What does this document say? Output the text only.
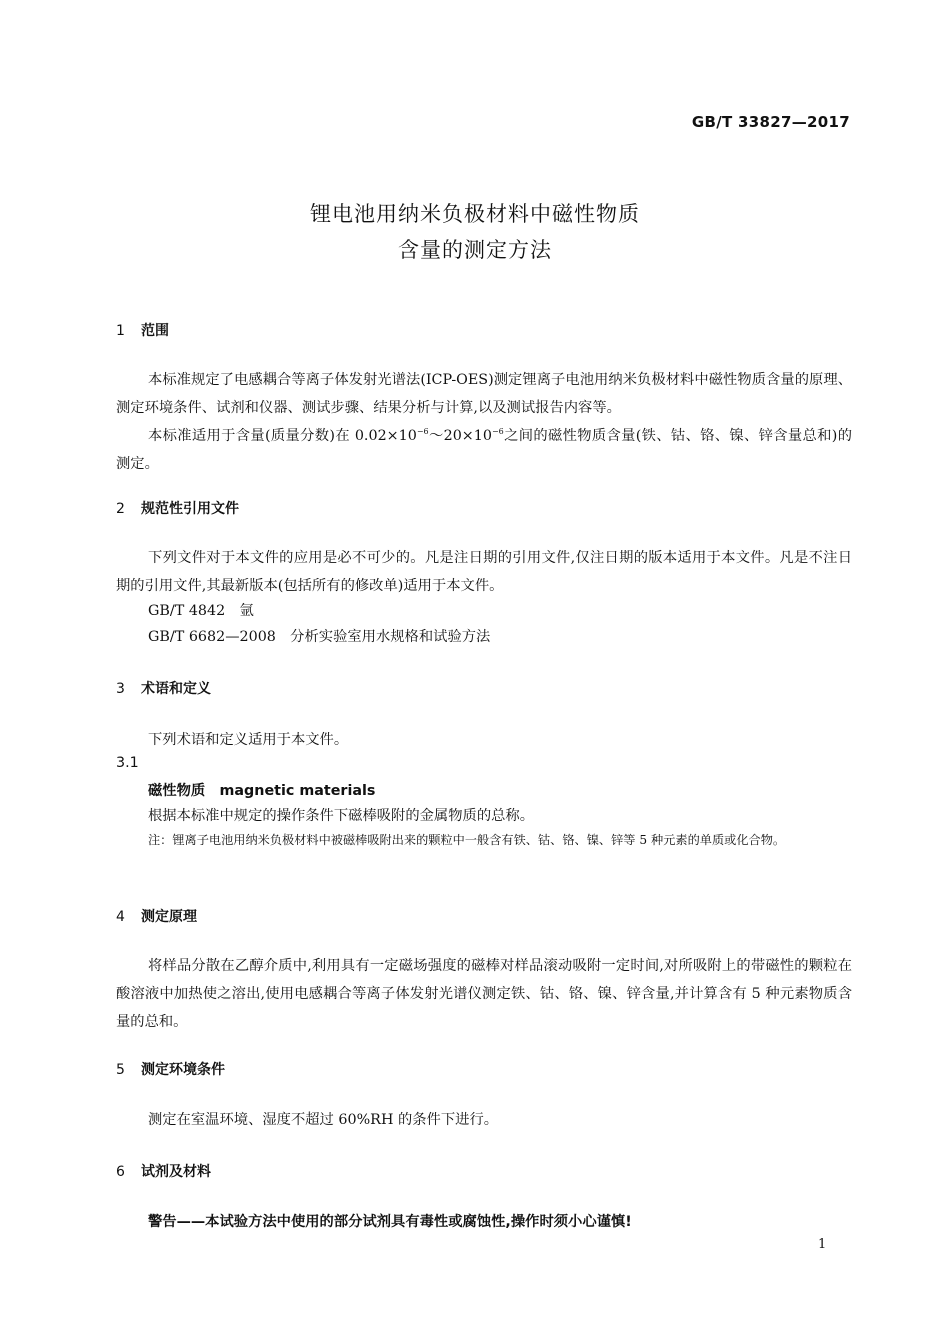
GB/T 33827—2017
锂电池用纳米负极材料中磁性物质
含量的测定方法
1 范围
本标准规定了电感耦合等离子体发射光谱法(ICP-OES)测定锂离子电池用纳米负极材料中磁性物质含量的原理、测定环境条件、试剂和仪器、测试步骤、结果分析与计算,以及测试报告内容等。
本标准适用于含量(质量分数)在 $0.02\times 10^{-6}\sim 20\times 10^{-6}$之间的磁性物质含量(铁、钴、铬、镍、锌含量总和)的测定。
2 规范性引用文件
下列文件对于本文件的应用是必不可少的。凡是注日期的引用文件,仅注日期的版本适用于本文件。凡是不注日期的引用文件,其最新版本(包括所有的修改单)适用于本文件。
GB/T 4842　氩
GB/T 6682—2008　分析实验室用水规格和试验方法
3 术语和定义
下列术语和定义适用于本文件。
3.1
磁性物质　magnetic materials
根据本标准中规定的操作条件下磁棒吸附的金属物质的总称。
注：锂离子电池用纳米负极材料中被磁棒吸附出来的颗粒中一般含有铁、钴、铬、镍、锌等 5 种元素的单质或化合物。
4 测定原理
将样品分散在乙醇介质中,利用具有一定磁场强度的磁棒对样品滚动吸附一定时间,对所吸附上的带磁性的颗粒在酸溶液中加热使之溶出,使用电感耦合等离子体发射光谱仪测定铁、钴、铬、镍、锌含量,并计算含有 5 种元素物质含量的总和。
5 测定环境条件
测定在室温环境、湿度不超过 60%RH 的条件下进行。
6 试剂及材料
警告——本试验方法中使用的部分试剂具有毒性或腐蚀性,操作时须小心谨慎!
1
